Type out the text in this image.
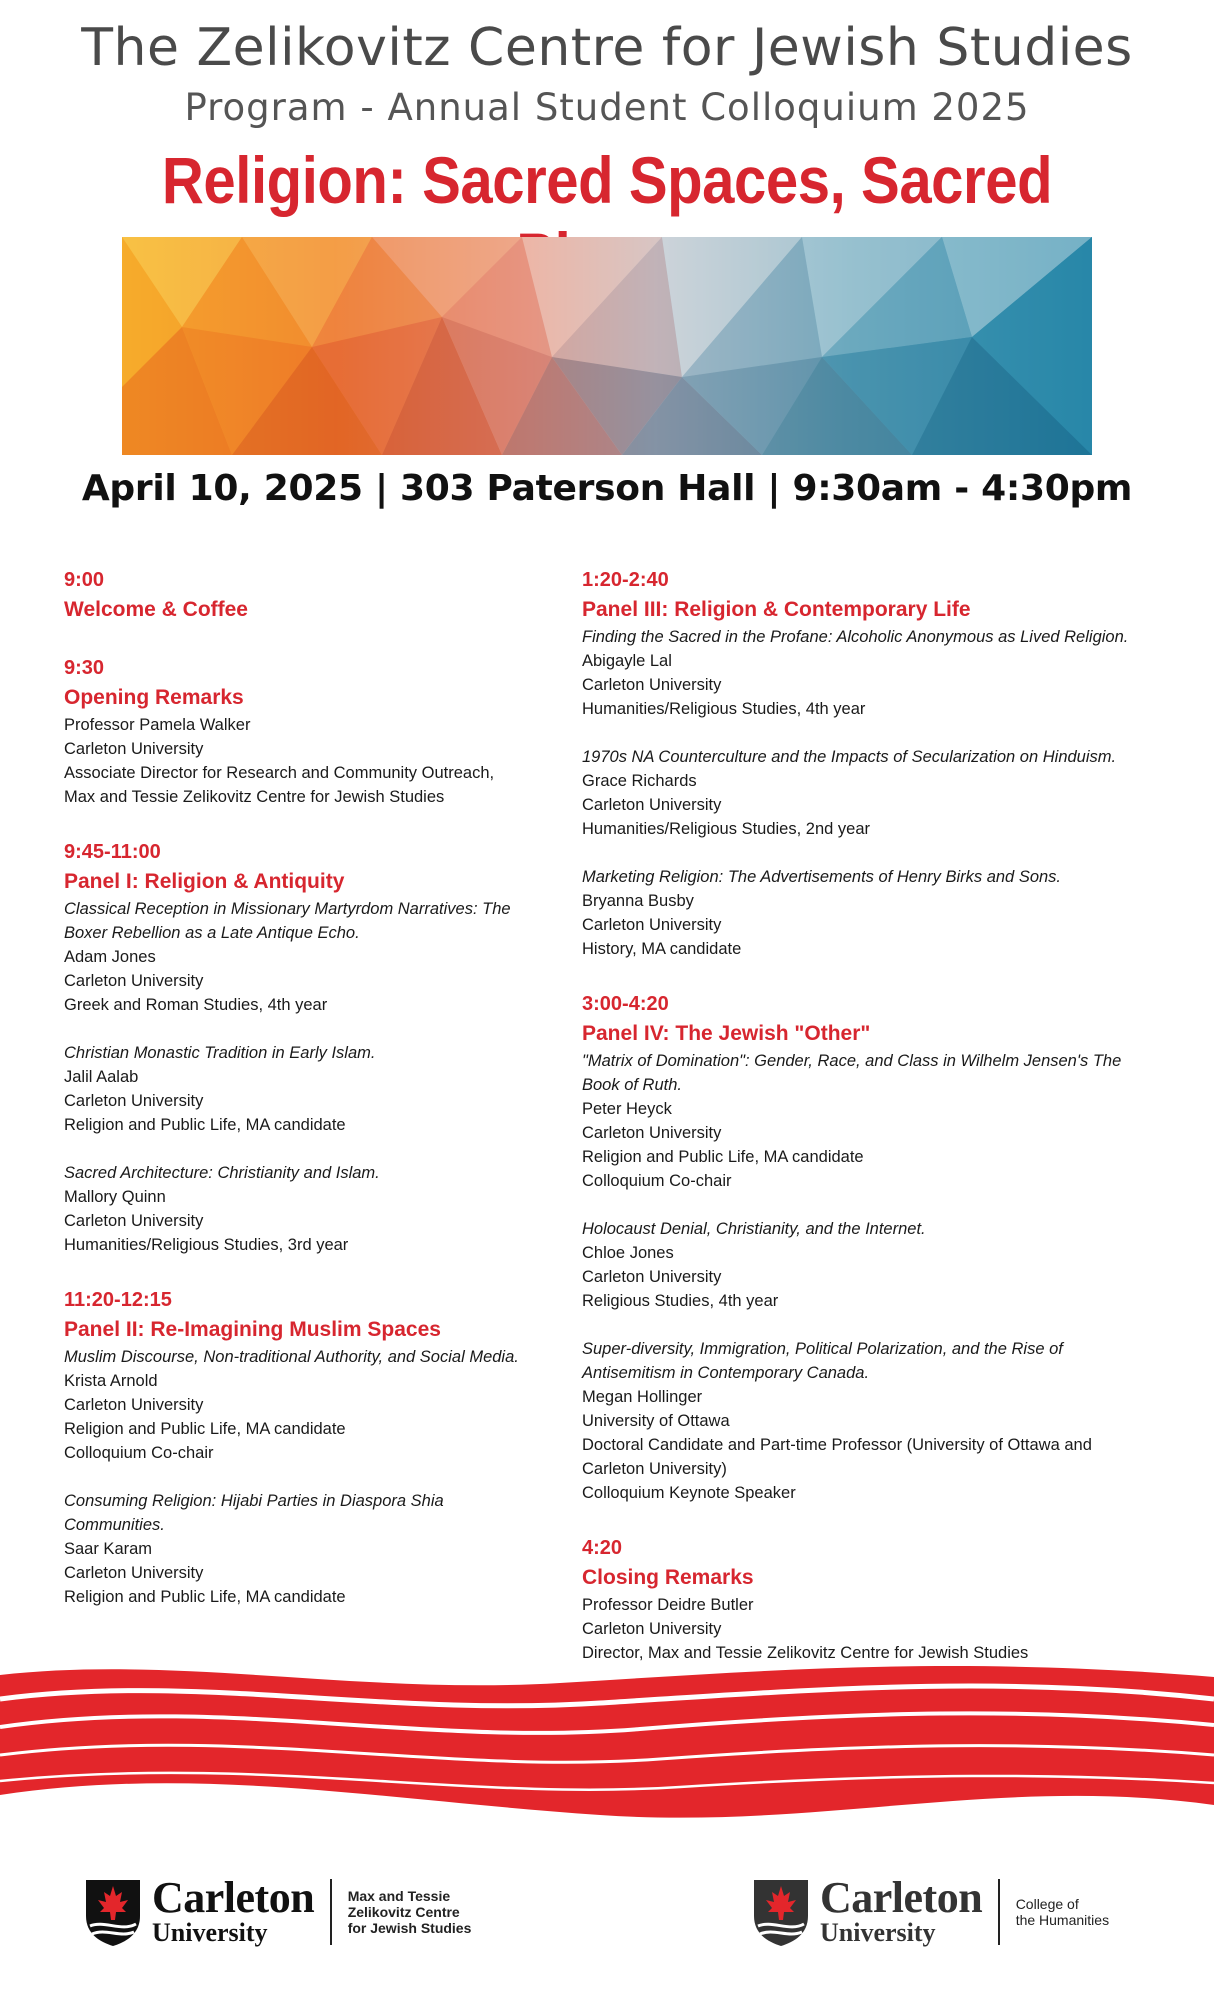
The Zelikovitz Centre for Jewish Studies
Program - Annual Student Colloquium 2025
Religion: Sacred Spaces, Sacred
April 10, 2025 | 303 Paterson Hall | 9:30am - 4:30pm
9:00
Welcome & Coffee
9:30
Opening Remarks
Professor Pamela Walker
Carleton University
Associate Director for Research and Community Outreach,
Max and Tessie Zelikovitz Centre for Jewish Studies
9:45-11:00
Panel I: Religion & Antiquity
Classical Reception in Missionary Martyrdom Narratives: The
Boxer Rebellion as a Late Antique Echo.
Adam Jones
Carleton University
Greek and Roman Studies, 4th year
Christian Monastic Tradition in Early Islam.
Jalil Aalab
Carleton University
Religion and Public Life, MA candidate
Sacred Architecture: Christianity and Islam.
Mallory Quinn
Carleton University
Humanities/Religious Studies, 3rd year
11:20-12:15
Panel II: Re-Imagining Muslim Spaces
Muslim Discourse, Non-traditional Authority, and Social Media.
Krista Arnold
Carleton University
Religion and Public Life, MA candidate
Colloquium Co-chair
Consuming Religion: Hijabi Parties in Diaspora Shia
Communities.
Saar Karam
Carleton University
Religion and Public Life, MA candidate
1:20-2:40
Panel III: Religion & Contemporary Life
Finding the Sacred in the Profane: Alcoholic Anonymous as Lived Religion.
Abigayle Lal
Carleton University
Humanities/Religious Studies, 4th year
1970s NA Counterculture and the Impacts of Secularization on Hinduism.
Grace Richards
Carleton University
Humanities/Religious Studies, 2nd year
Marketing Religion: The Advertisements of Henry Birks and Sons.
Bryanna Busby
Carleton University
History, MA candidate
3:00-4:20
Panel IV: The Jewish "Other"
"Matrix of Domination": Gender, Race, and Class in Wilhelm Jensen's The
Book of Ruth.
Peter Heyck
Carleton University
Religion and Public Life, MA candidate
Colloquium Co-chair
Holocaust Denial, Christianity, and the Internet.
Chloe Jones
Carleton University
Religious Studies, 4th year
Super-diversity, Immigration, Political Polarization, and the Rise of
Antisemitism in Contemporary Canada.
Megan Hollinger
University of Ottawa
Doctoral Candidate and Part-time Professor (University of Ottawa and
Carleton University)
Colloquium Keynote Speaker
4:20
Closing Remarks
Professor Deidre Butler
Carleton University
Director, Max and Tessie Zelikovitz Centre for Jewish Studies
Carleton
University
Max and Tessie
Zelikovitz Centre
for Jewish Studies
Carleton
University
College of
the Humanities
